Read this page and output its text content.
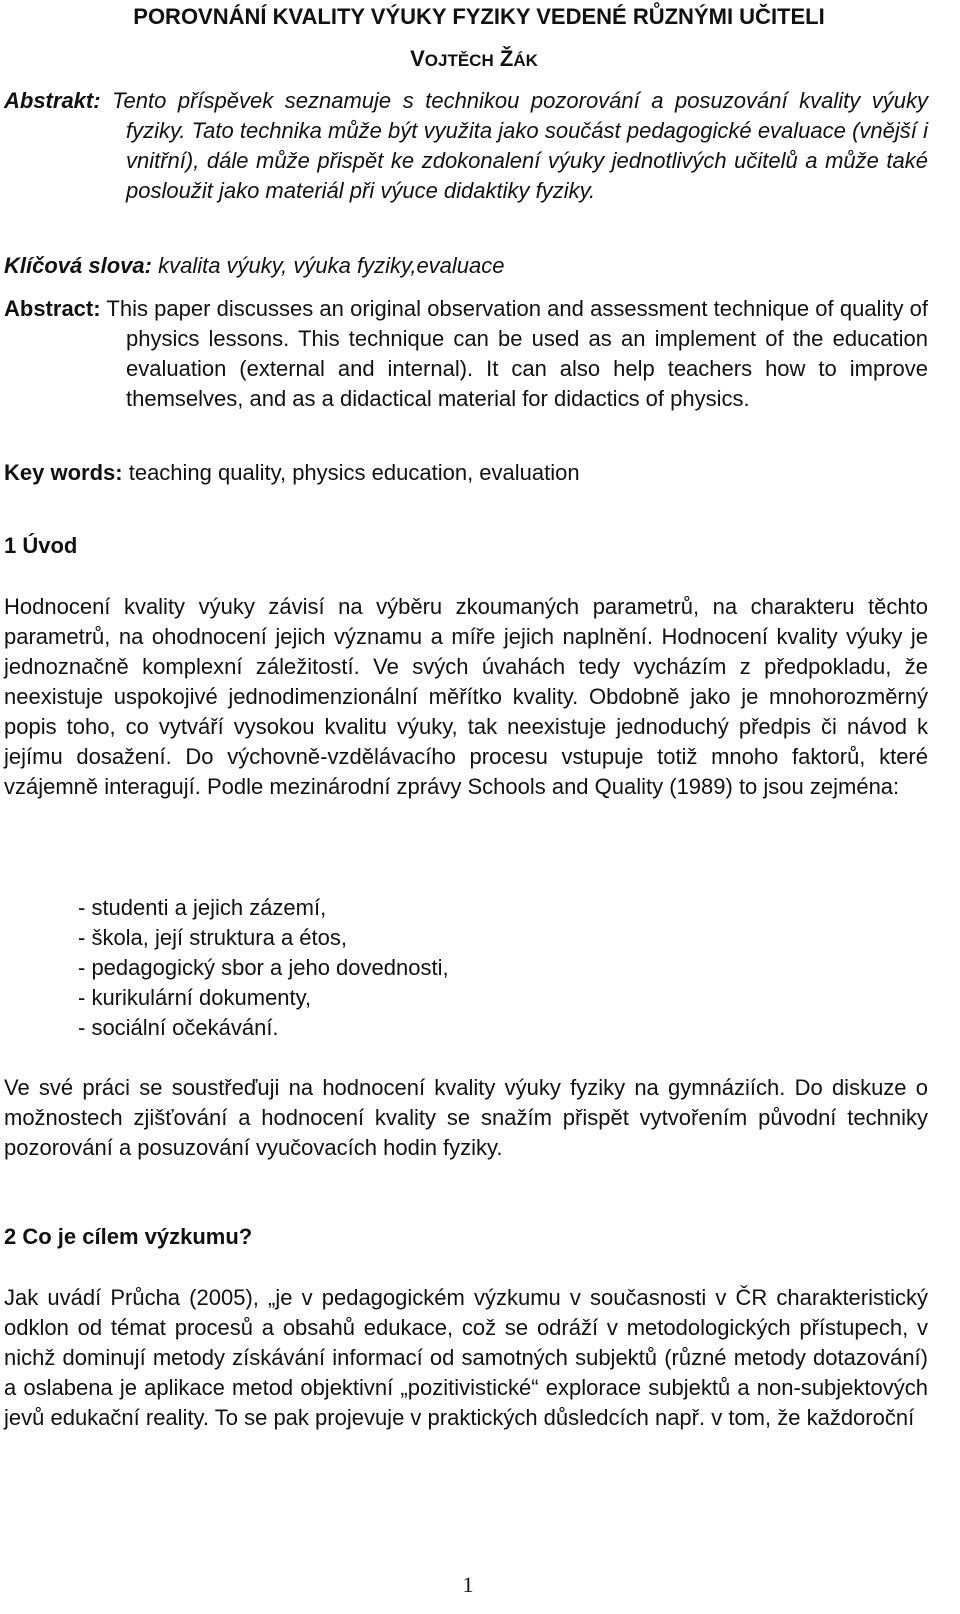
POROVNÁNÍ KVALITY VÝUKY FYZIKY VEDENÉ RŮZNÝMI UČITELI
VOJTĚCH ŽÁK
Abstrakt: Tento příspěvek seznamuje s technikou pozorování a posuzování kvality výuky fyziky. Tato technika může být využita jako součást pedagogické evaluace (vnější i vnitřní), dále může přispět ke zdokonalení výuky jednotlivých učitelů a může také posloužit jako materiál při výuce didaktiky fyziky.
Klíčová slova: kvalita výuky, výuka fyziky,evaluace
Abstract: This paper discusses an original observation and assessment technique of quality of physics lessons. This technique can be used as an implement of the education evaluation (external and internal). It can also help teachers how to improve themselves, and as a didactical material for didactics of physics.
Key words: teaching quality, physics education, evaluation
1 Úvod
Hodnocení kvality výuky závisí na výběru zkoumaných parametrů, na charakteru těchto parametrů, na ohodnocení jejich významu a míře jejich naplnění. Hodnocení kvality výuky je jednoznačně komplexní záležitostí. Ve svých úvahách tedy vycházím z předpokladu, že neexistuje uspokojivé jednodimenzionální měřítko kvality. Obdobně jako je mnohorozměrný popis toho, co vytváří vysokou kvalitu výuky, tak neexistuje jednoduchý předpis či návod k jejímu dosažení. Do výchovně-vzdělávacího procesu vstupuje totiž mnoho faktorů, které vzájemně interagují. Podle mezinárodní zprávy Schools and Quality (1989) to jsou zejména:
- studenti a jejich zázemí,
- škola, její struktura a étos,
- pedagogický sbor a jeho dovednosti,
- kurikulární dokumenty,
- sociální očekávání.
Ve své práci se soustřeďuji na hodnocení kvality výuky fyziky na gymnáziích. Do diskuze o možnostech zjišťování a hodnocení kvality se snažím přispět vytvořením původní techniky pozorování a posuzování vyučovacích hodin fyziky.
2 Co je cílem výzkumu?
Jak uvádí Průcha (2005), „je v pedagogickém výzkumu v současnosti v ČR charakteristický odklon od témat procesů a obsahů edukace, což se odráží v metodologických přístupech, v nichž dominují metody získávání informací od samotných subjektů (různé metody dotazování) a oslabena je aplikace metod objektivní „pozitivistické“ explorace subjektů a non-subjektových jevů edukační reality. To se pak projevuje v praktických důsledcích např. v tom, že každoroční
1
